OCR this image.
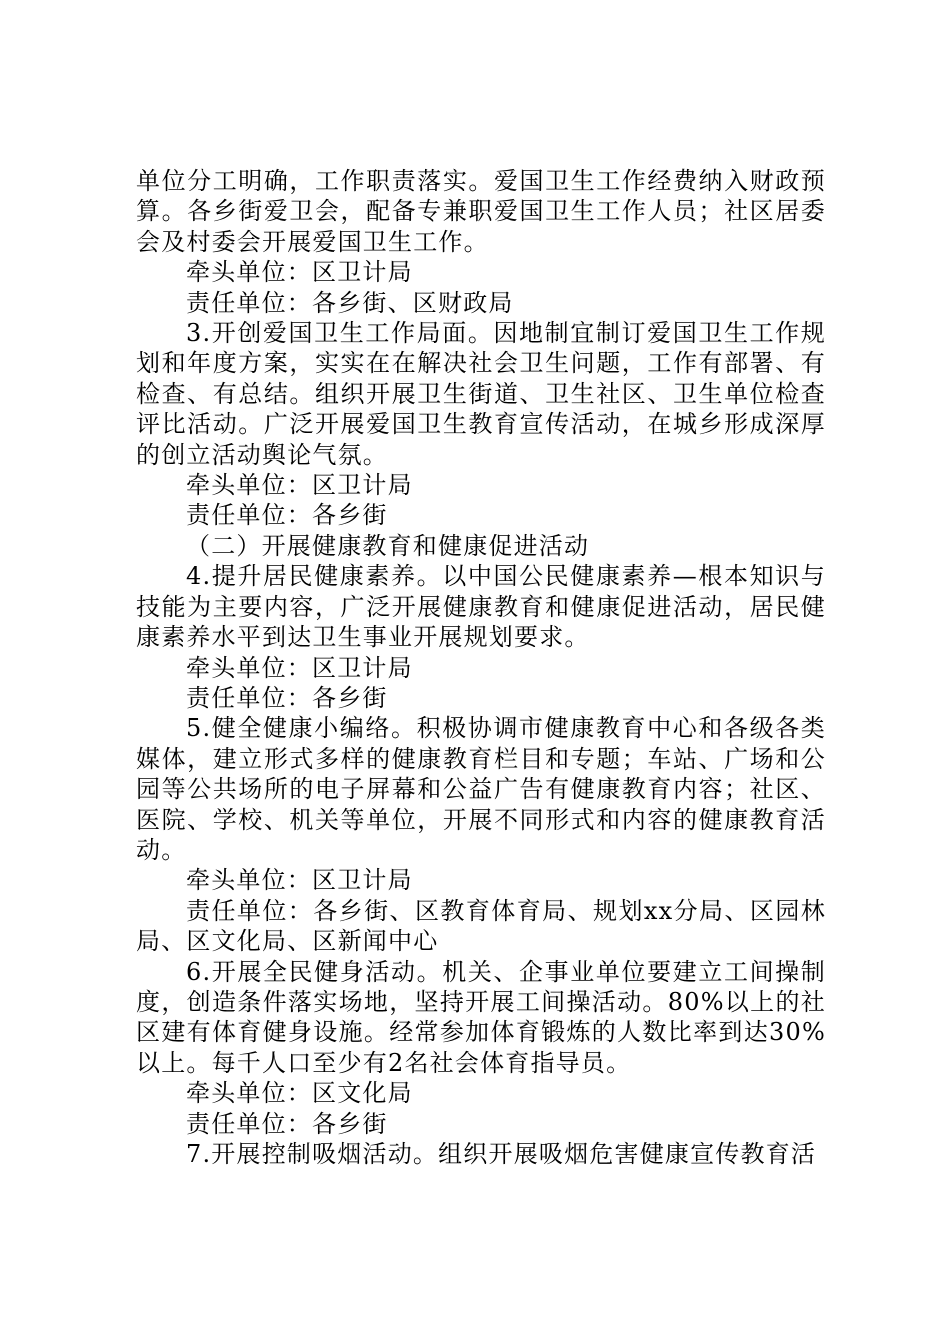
单位分工明确，工作职责落实。爱国卫生工作经费纳入财政预算。各乡街爱卫会，配备专兼职爱国卫生工作人员；社区居委会及村委会开展爱国卫生工作。

牵头单位：区卫计局

责任单位：各乡街、区财政局

3.开创爱国卫生工作局面。因地制宜制订爱国卫生工作规划和年度方案，实实在在解决社会卫生问题，工作有部署、有检查、有总结。组织开展卫生街道、卫生社区、卫生单位检查评比活动。广泛开展爱国卫生教育宣传活动，在城乡形成深厚的创立活动舆论气氛。

牵头单位：区卫计局

责任单位：各乡街

（二）开展健康教育和健康促进活动

4.提升居民健康素养。以中国公民健康素养—根本知识与技能为主要内容，广泛开展健康教育和健康促进活动，居民健康素养水平到达卫生事业开展规划要求。

牵头单位：区卫计局

责任单位：各乡街

5.健全健康小编络。积极协调市健康教育中心和各级各类媒体，建立形式多样的健康教育栏目和专题；车站、广场和公园等公共场所的电子屏幕和公益广告有健康教育内容；社区、医院、学校、机关等单位，开展不同形式和内容的健康教育活动。

牵头单位：区卫计局

责任单位：各乡街、区教育体育局、规划xx分局、区园林局、区文化局、区新闻中心

6.开展全民健身活动。机关、企事业单位要建立工间操制度，创造条件落实场地，坚持开展工间操活动。80%以上的社区建有体育健身设施。经常参加体育锻炼的人数比率到达30%以上。每千人口至少有2名社会体育指导员。

牵头单位：区文化局

责任单位：各乡街

7.开展控制吸烟活动。组织开展吸烟危害健康宣传教育活
